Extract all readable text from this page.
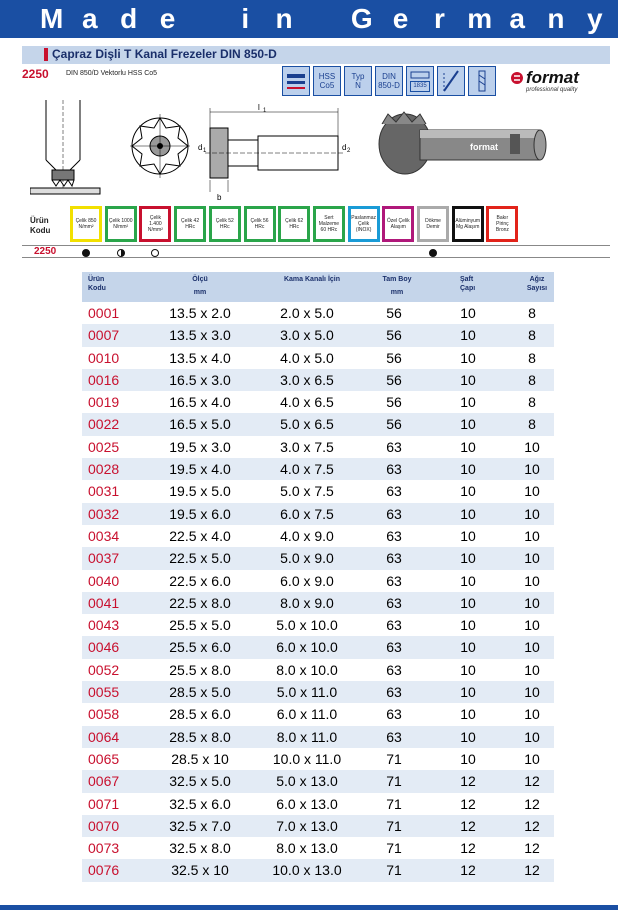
M a d e i n G e r m a n y
Çapraz Dişli T Kanal Frezeler DIN 850-D
2250 DIN 850/D Vektorlu HSS Co5	HSS
Co5
Typ
N
DIN
850-D	1835	format
professional quality
l 1
d 1	d 2
b
format
Ürün
Kodu
Çelik 850 N/mm²
Çelik 1000 N/mm²
Çelik 1.400 N/mm²
Çelik 42 HRc
Çelik 52 HRc
Çelik 56 HRc
Çelik 62 HRc
Sert Malzeme 60 HRc
Paslanmaz Çelik (INOX)
Özel Çelik Alaşım
Dökme Demir
Alüminyum Mg Alaşım
Bakır Pirinç Bronz
2250
Ürün Kodu
Ölçü
mm
Kama Kanalı İçin	Tam Boy
mm
Şaft Çapı
Ağız Sayısı
0001	13.5 x 2.0	2.0 x 5.0	56	10	8
0007	13.5 x 3.0	3.0 x 5.0	56	10	8
0010	13.5 x 4.0	4.0 x 5.0	56	10	8
0016	16.5 x 3.0	3.0 x 6.5	56	10	8
0019	16.5 x 4.0	4.0 x 6.5	56	10	8
0022	16.5 x 5.0	5.0 x 6.5	56	10	8
0025	19.5 x 3.0	3.0 x 7.5	63	10	10
0028	19.5 x 4.0	4.0 x 7.5	63	10	10
0031	19.5 x 5.0	5.0 x 7.5	63	10	10
0032	19.5 x 6.0	6.0 x 7.5	63	10	10
0034	22.5 x 4.0	4.0 x 9.0	63	10	10
0037	22.5 x 5.0	5.0 x 9.0	63	10	10
0040	22.5 x 6.0	6.0 x 9.0	63	10	10
0041	22.5 x 8.0	8.0 x 9.0	63	10	10
0043	25.5 x 5.0	5.0 x 10.0	63	10	10
0046	25.5 x 6.0	6.0 x 10.0	63	10	10
0052	25.5 x 8.0	8.0 x 10.0	63	10	10
0055	28.5 x 5.0	5.0 x 11.0	63	10	10
0058	28.5 x 6.0	6.0 x 11.0	63	10	10
0064	28.5 x 8.0	8.0 x 11.0	63	10	10
0065	28.5 x 10	10.0 x 11.0	71	10	10
0067	32.5 x 5.0	5.0 x 13.0	71	12	12
0071	32.5 x 6.0	6.0 x 13.0	71	12	12
0070	32.5 x 7.0	7.0 x 13.0	71	12	12
0073	32.5 x 8.0	8.0 x 13.0	71	12	12
0076	32.5 x 10	10.0 x 13.0	71	12	12
